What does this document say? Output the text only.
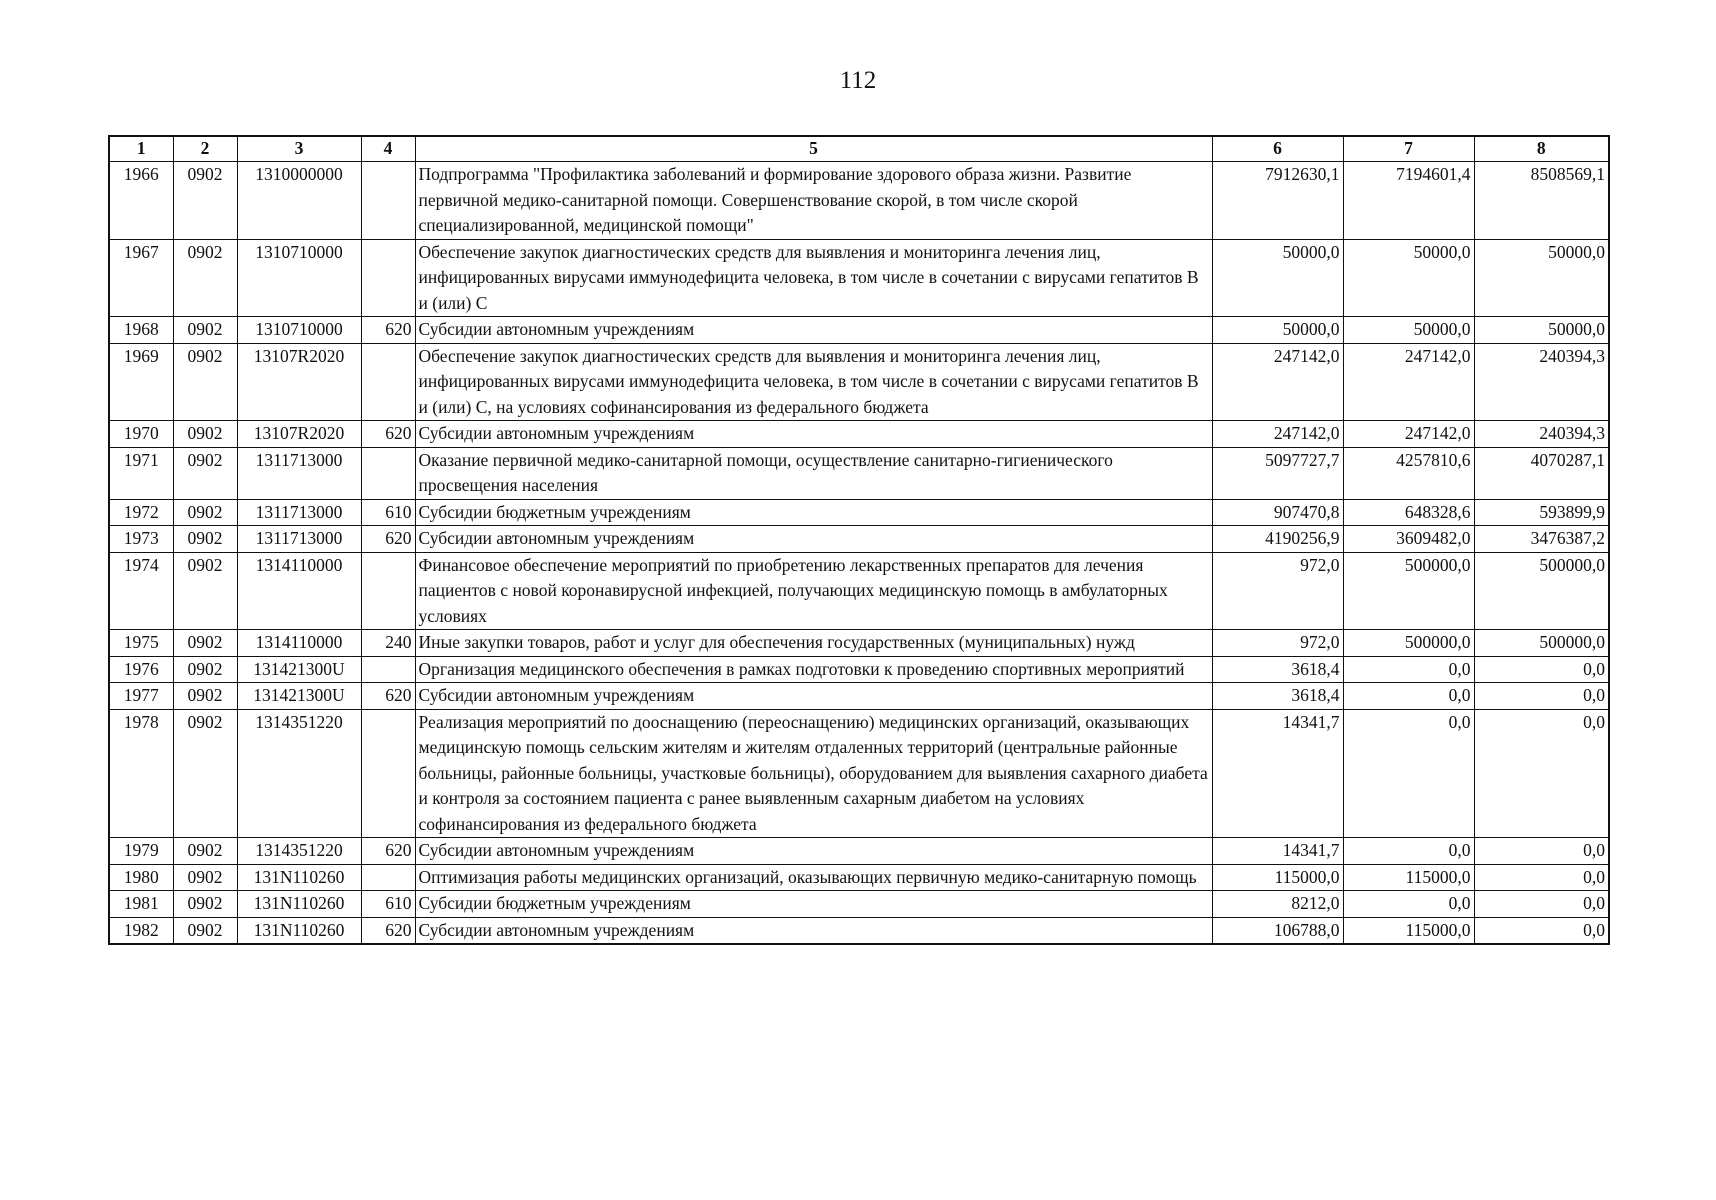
112
1	2	3	4	5	6	7	8
1966	0902	1310000000		Подпрограмма "Профилактика заболеваний и формирование здорового образа жизни. Развитие первичной медико-санитарной помощи. Совершенствование скорой, в том числе скорой специализированной, медицинской помощи"	7912630,1	7194601,4	8508569,1
1967	0902	1310710000		Обеспечение закупок диагностических средств для выявления и мониторинга лечения лиц, инфицированных вирусами иммунодефицита человека, в том числе в сочетании с вирусами гепатитов В и (или) С	50000,0	50000,0	50000,0
1968	0902	1310710000	620	Субсидии автономным учреждениям	50000,0	50000,0	50000,0
1969	0902	13107R2020		Обеспечение закупок диагностических средств для выявления и мониторинга лечения лиц, инфицированных вирусами иммунодефицита человека, в том числе в сочетании с вирусами гепатитов В и (или) С, на условиях софинансирования из федерального бюджета	247142,0	247142,0	240394,3
1970	0902	13107R2020	620	Субсидии автономным учреждениям	247142,0	247142,0	240394,3
1971	0902	1311713000		Оказание первичной медико-санитарной помощи, осуществление санитарно-гигиенического просвещения населения	5097727,7	4257810,6	4070287,1
1972	0902	1311713000	610	Субсидии бюджетным учреждениям	907470,8	648328,6	593899,9
1973	0902	1311713000	620	Субсидии автономным учреждениям	4190256,9	3609482,0	3476387,2
1974	0902	1314110000		Финансовое обеспечение мероприятий по приобретению лекарственных препаратов для лечения пациентов с новой коронавирусной инфекцией, получающих медицинскую помощь в амбулаторных условиях	972,0	500000,0	500000,0
1975	0902	1314110000	240	Иные закупки товаров, работ и услуг для обеспечения государственных (муниципальных) нужд	972,0	500000,0	500000,0
1976	0902	131421300U		Организация медицинского обеспечения в рамках подготовки к проведению спортивных мероприятий	3618,4	0,0	0,0
1977	0902	131421300U	620	Субсидии автономным учреждениям	3618,4	0,0	0,0
1978	0902	1314351220		Реализация мероприятий по дооснащению (переоснащению) медицинских организаций, оказывающих медицинскую помощь сельским жителям и жителям отдаленных территорий (центральные районные больницы, районные больницы, участковые больницы), оборудованием для выявления сахарного диабета и контроля за состоянием пациента с ранее выявленным сахарным диабетом на условиях софинансирования из федерального бюджета	14341,7	0,0	0,0
1979	0902	1314351220	620	Субсидии автономным учреждениям	14341,7	0,0	0,0
1980	0902	131N110260		Оптимизация работы медицинских организаций, оказывающих первичную медико-санитарную помощь	115000,0	115000,0	0,0
1981	0902	131N110260	610	Субсидии бюджетным учреждениям	8212,0	0,0	0,0
1982	0902	131N110260	620	Субсидии автономным учреждениям	106788,0	115000,0	0,0
